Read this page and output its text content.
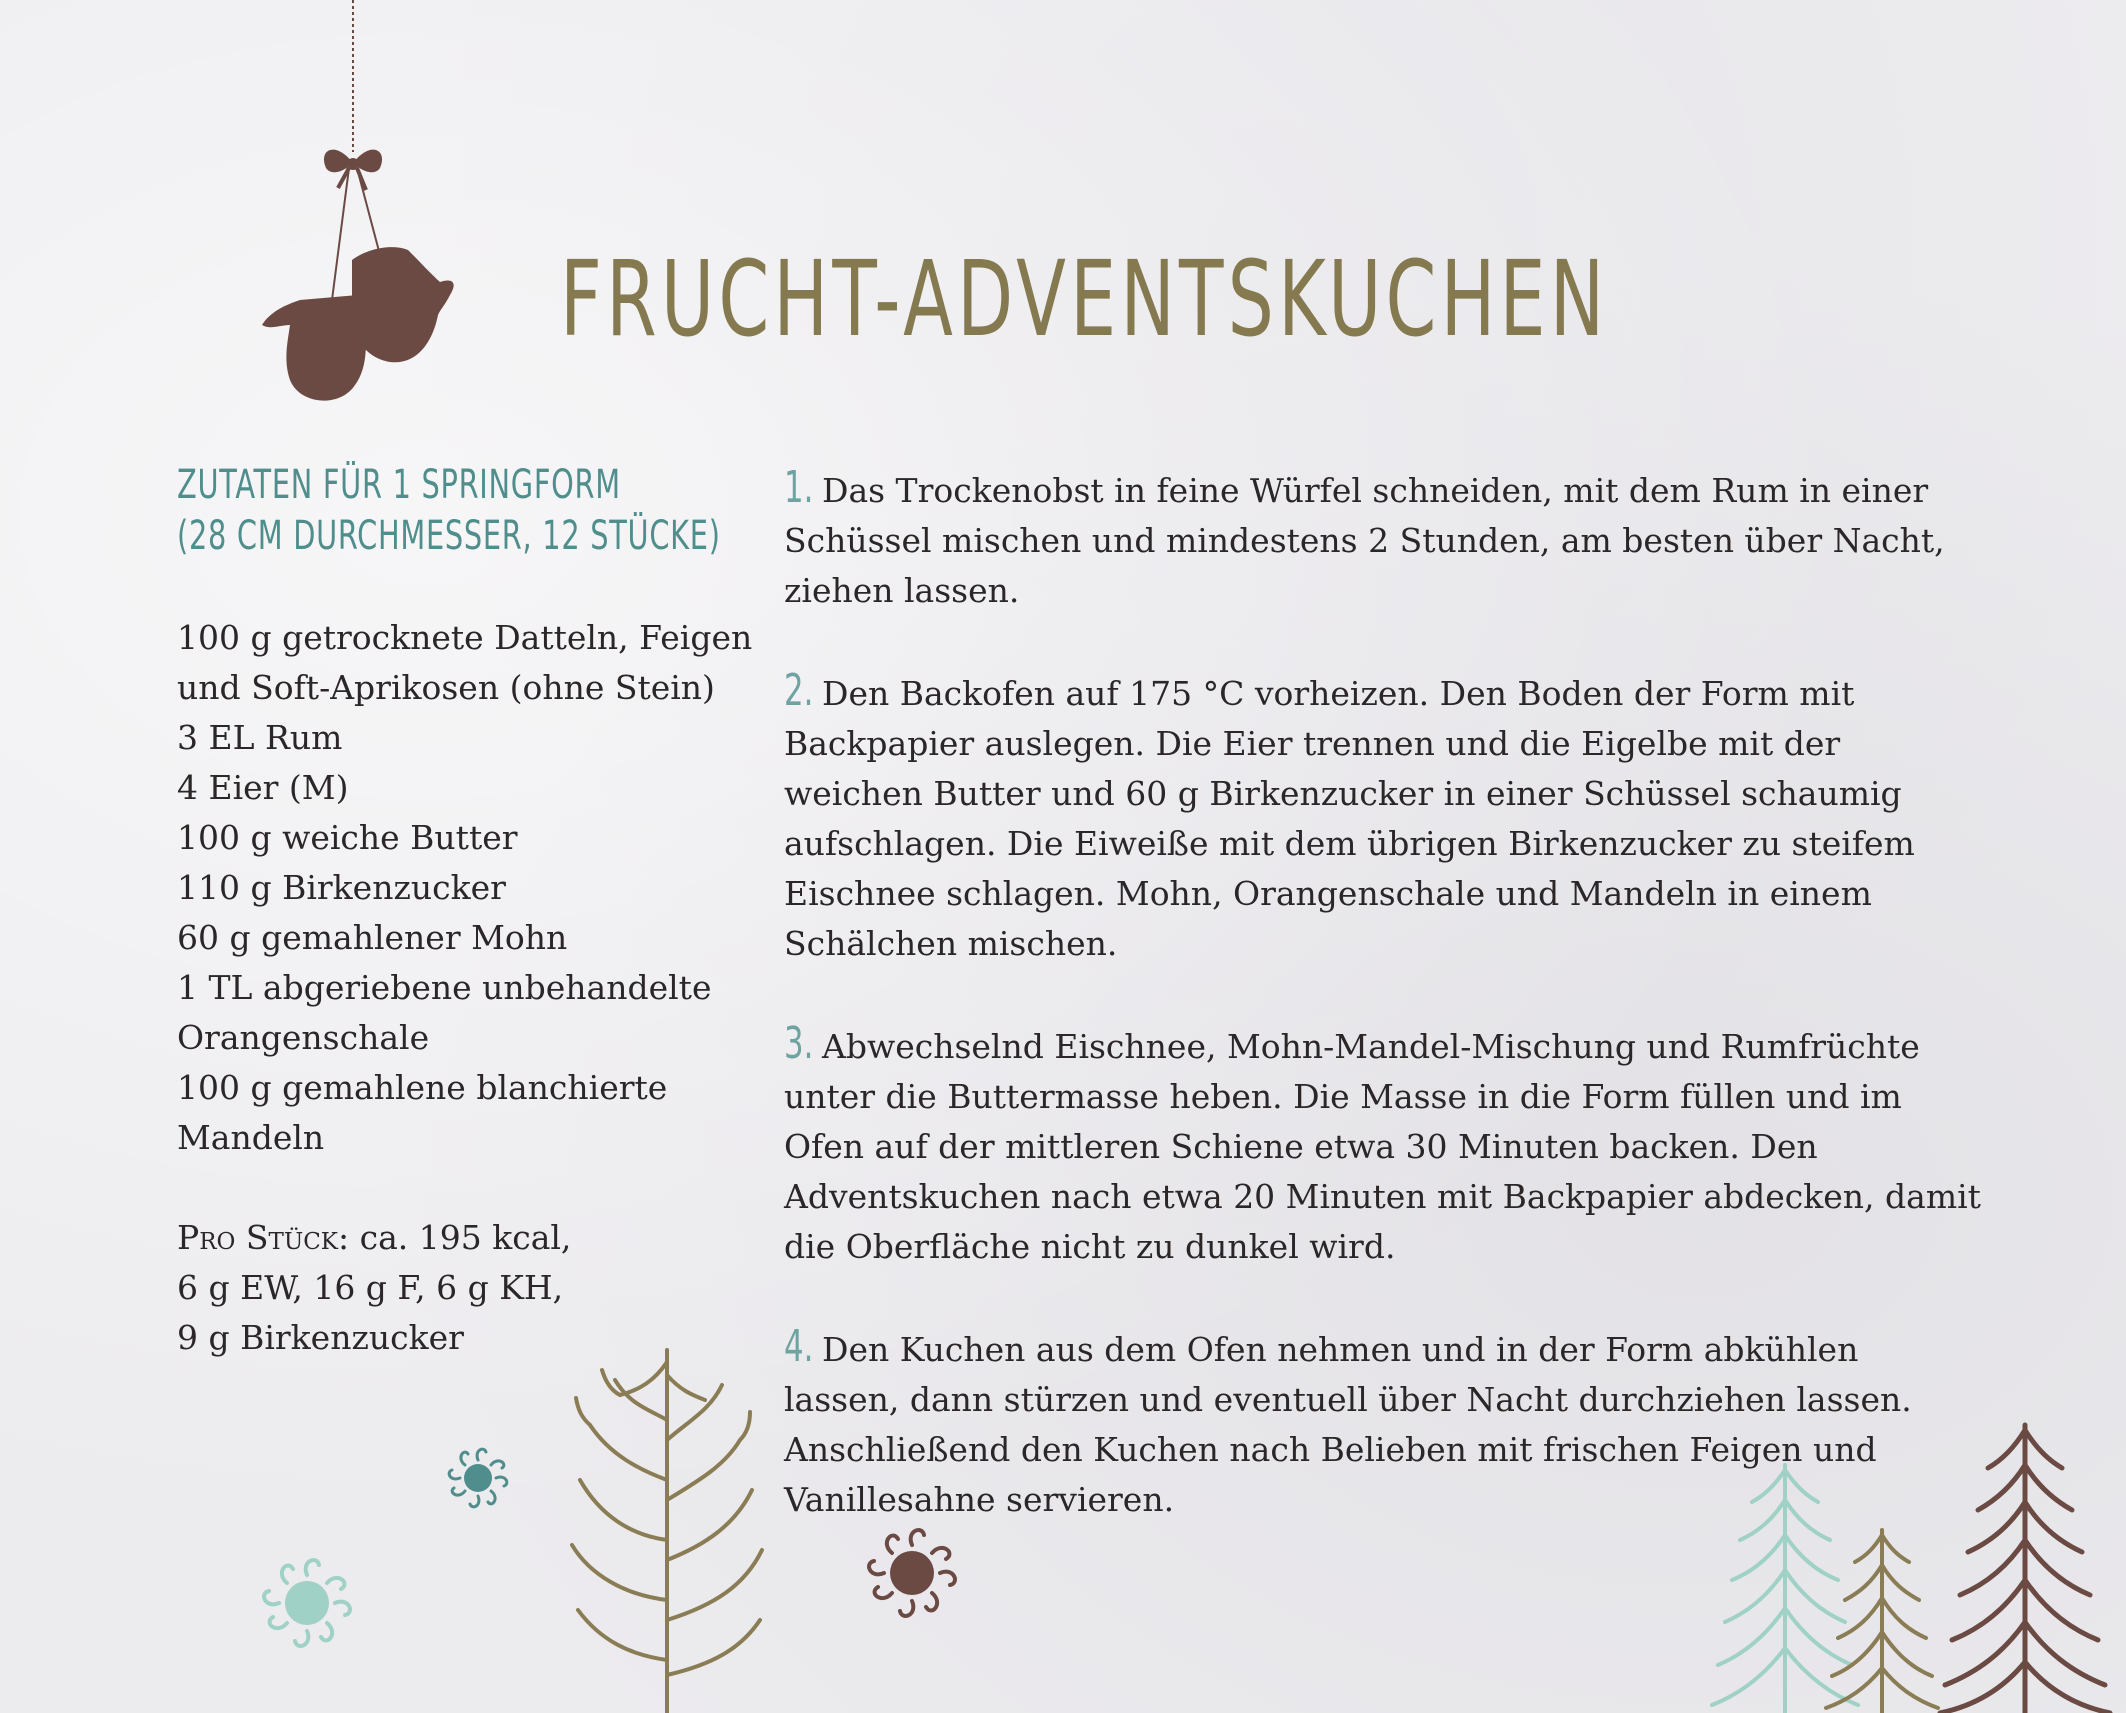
FRUCHT-ADVENTSKUCHEN
ZUTATEN FÜR 1 SPRINGFORM
(28 CM DURCHMESSER, 12 STÜCKE)
100 g getrocknete Datteln, Feigen
und Soft-Aprikosen (ohne Stein)
3 EL Rum
4 Eier (M)
100 g weiche Butter
110 g Birkenzucker
60 g gemahlener Mohn
1 TL abgeriebene unbehandelte
Orangenschale
100 g gemahlene blanchierte
Mandeln
Pro Stück: ca. 195 kcal,
6 g EW, 16 g F, 6 g KH,
9 g Birkenzucker
1. Das Trockenobst in feine Würfel schneiden, mit dem Rum in einer Schüssel mischen und mindestens 2 Stunden, am besten über Nacht, ziehen lassen.
2. Den Backofen auf 175 °C vorheizen. Den Boden der Form mit Backpapier auslegen. Die Eier trennen und die Eigelbe mit der weichen Butter und 60 g Birkenzucker in einer Schüssel schaumig aufschlagen. Die Eiweiße mit dem übrigen Birkenzucker zu steifem Eischnee schlagen. Mohn, Orangenschale und Mandeln in einem Schälchen mischen.
3. Abwechselnd Eischnee, Mohn-Mandel-Mischung und Rumfrüchte unter die Buttermasse heben. Die Masse in die Form füllen und im Ofen auf der mittleren Schiene etwa 30 Minuten backen. Den Adventskuchen nach etwa 20 Minuten mit Backpapier abdecken, damit die Oberfläche nicht zu dunkel wird.
4. Den Kuchen aus dem Ofen nehmen und in der Form abkühlen lassen, dann stürzen und eventuell über Nacht durchziehen lassen. Anschließend den Kuchen nach Belieben mit frischen Feigen und Vanillesahne servieren.
